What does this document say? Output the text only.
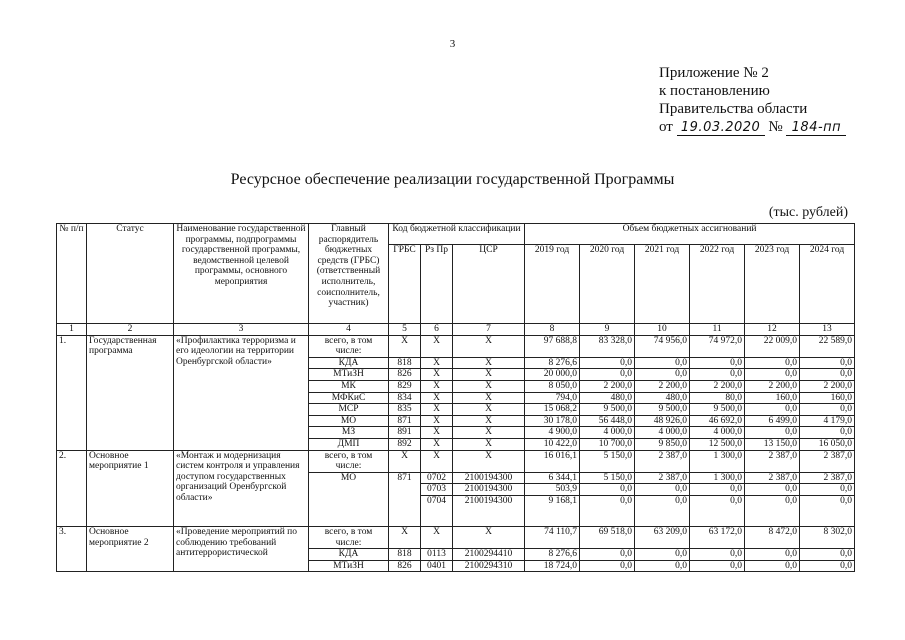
3
Приложение № 2
к постановлению
Правительства области
от 19.03.2020 № 184-пп
Ресурсное обеспечение реализации государственной Программы
(тыс. рублей)
№ п/п	Статус	Наименование государственной программы, подпрограммы государственной программы, ведомственной целевой программы, основного мероприятия	Главный распорядитель бюджетных средств (ГРБС) (ответственный исполнитель, соисполнитель, участник)	Код бюджетной классификации			Объем бюджетных ассигнований					
				ГРБС	Рз Пр	ЦСР	2019 год	2020 год	2021 год	2022 год	2023 год	2024 год
1	2	3	4	5	6	7	8	9	10	11	12	13
1.	Государственная программа	«Профилактика терроризма и его идеологии на территории Оренбургской области»	всего, в том числе:	Х	Х	Х	97 688,8	83 328,0	74 956,0	74 972,0	22 009,0	22 589,0
			КДА	818	Х	Х	8 276,6	0,0	0,0	0,0	0,0	0,0
			МТиЗН	826	Х	Х	20 000,0	0,0	0,0	0,0	0,0	0,0
			МК	829	Х	Х	8 050,0	2 200,0	2 200,0	2 200,0	2 200,0	2 200,0
			МФКиС	834	Х	Х	794,0	480,0	480,0	80,0	160,0	160,0
			МСР	835	Х	Х	15 068,2	9 500,0	9 500,0	9 500,0	0,0	0,0
			МО	871	Х	Х	30 178,0	56 448,0	48 926,0	46 692,0	6 499,0	4 179,0
			МЗ	891	Х	Х	4 900,0	4 000,0	4 000,0	4 000,0	0,0	0,0
			ДМП	892	Х	Х	10 422,0	10 700,0	9 850,0	12 500,0	13 150,0	16 050,0
2.	Основное мероприятие 1	«Монтаж и модернизация систем контроля и управления доступом государственных организаций Оренбургской области»	всего, в том числе:	Х	Х	Х	16 016,1	5 150,0	2 387,0	1 300,0	2 387,0	2 387,0
			МО	871	0702	2100194300	6 344,1	5 150,0	2 387,0	1 300,0	2 387,0	2 387,0
					0703	2100194300	503,9	0,0	0,0	0,0	0,0	0,0
					0704	2100194300	9 168,1	0,0	0,0	0,0	0,0	0,0
3.	Основное мероприятие 2	«Проведение мероприятий по соблюдению требований антитеррористической	всего, в том числе:	Х	Х	Х	74 110,7	69 518,0	63 209,0	63 172,0	8 472,0	8 302,0
			КДА	818	0113	2100294410	8 276,6	0,0	0,0	0,0	0,0	0,0
			МТиЗН	826	0401	2100294310	18 724,0	0,0	0,0	0,0	0,0	0,0
